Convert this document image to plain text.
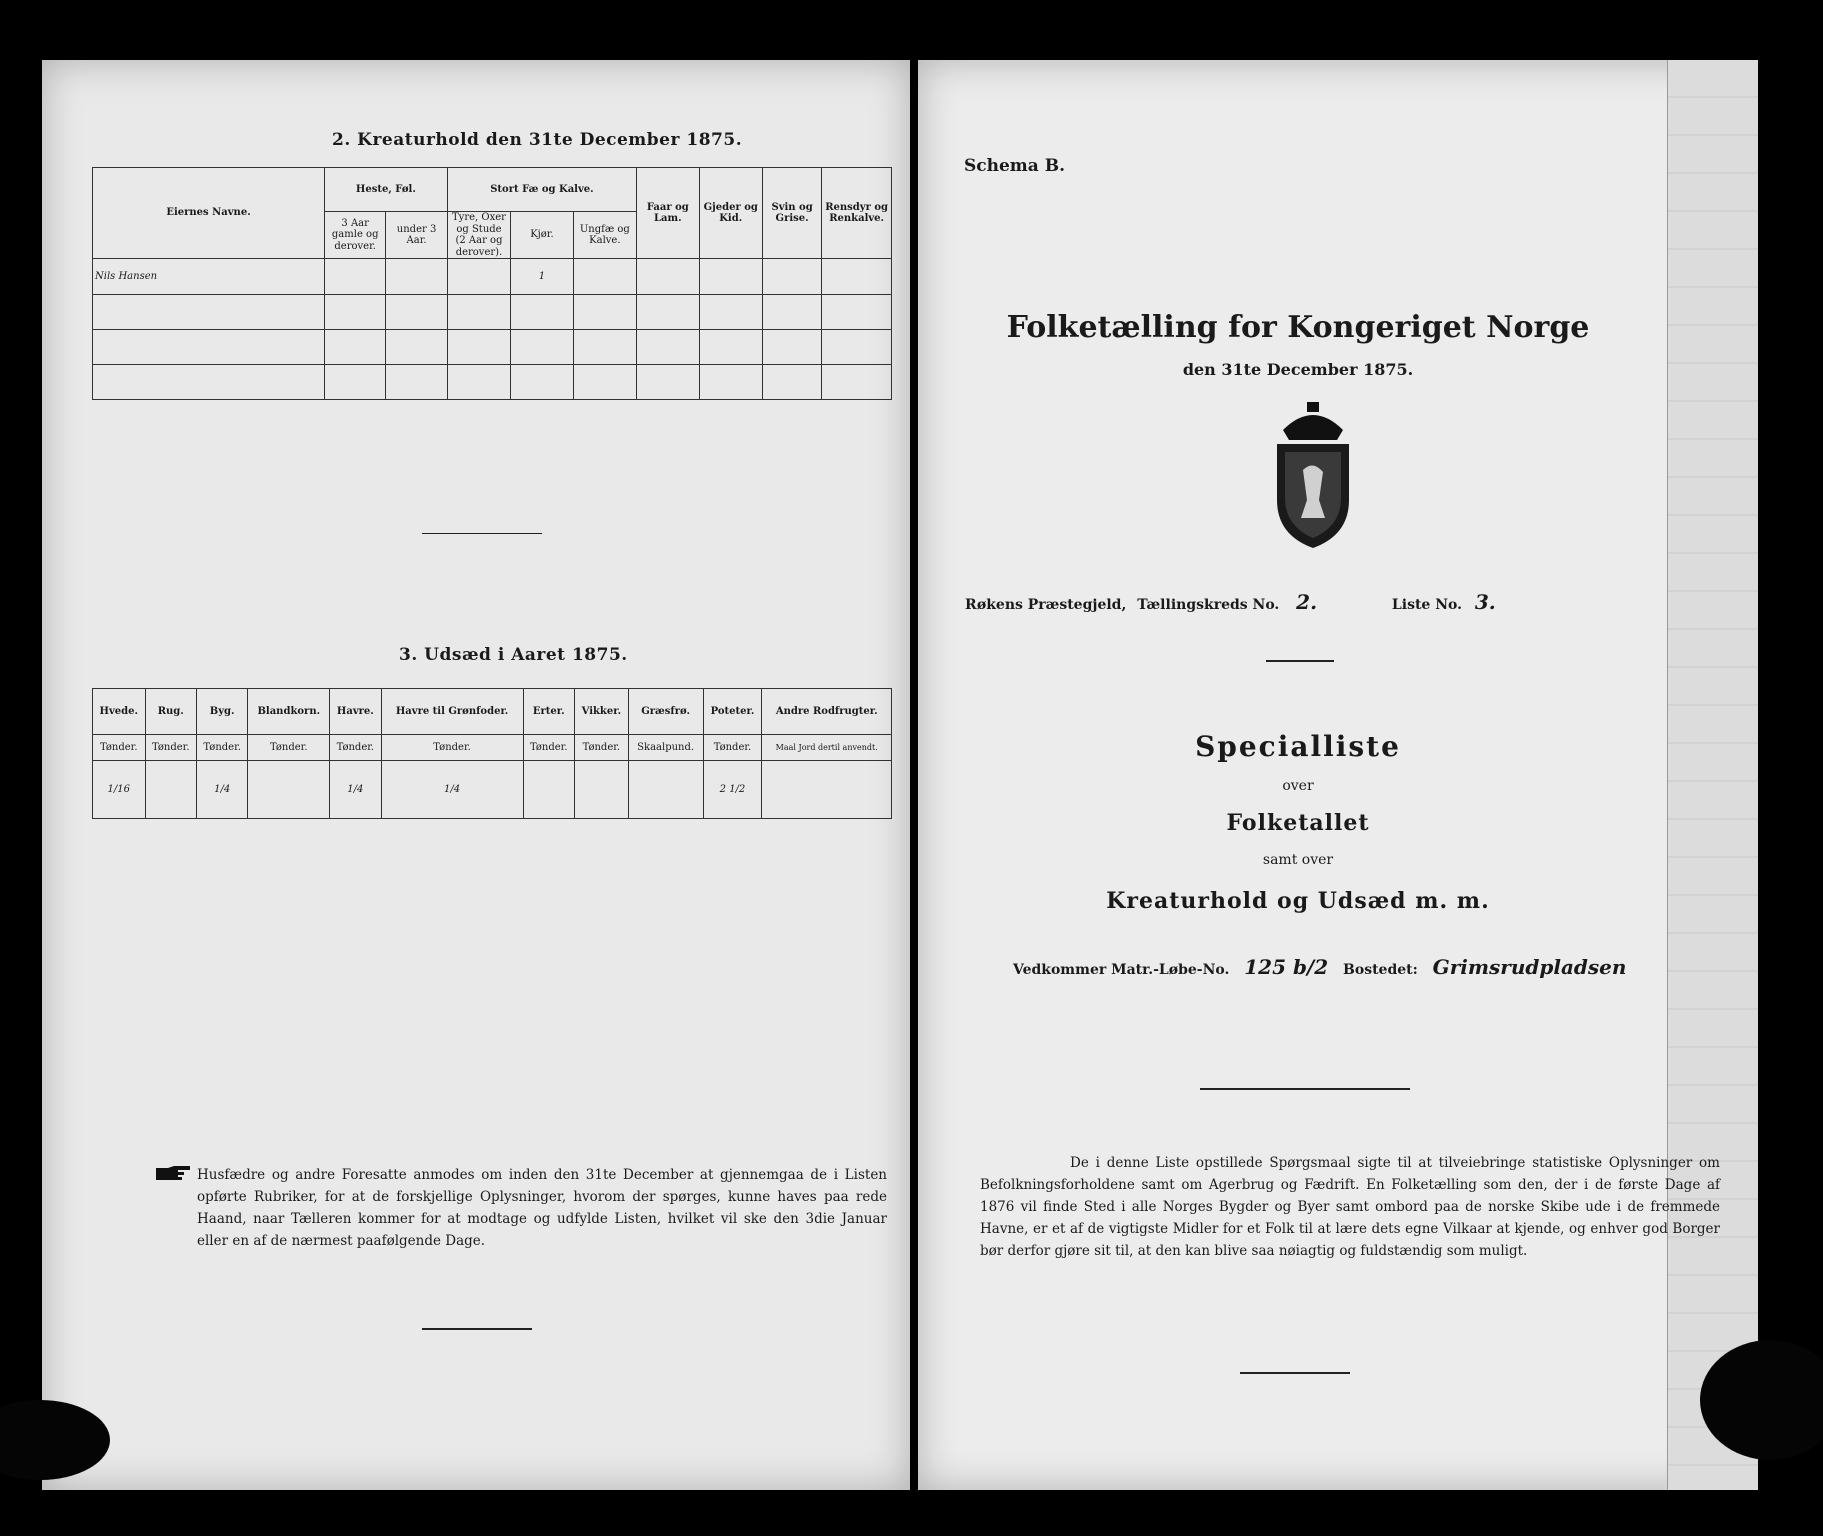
2. Kreaturhold den 31te December 1875.
Eiernes Navne.	Heste, Føl.		Stort Fæ og Kalve.			Faar og Lam.	Gjeder og Kid.	Svin og Grise.	Rensdyr og Renkalve.
	3 Aar gamle og derover.	under 3 Aar.	Tyre, Oxer og Stude (2 Aar og derover).	Kjør.	Ungfæ og Kalve.				
Nils Hansen				1					

3. Udsæd i Aaret 1875.
Hvede.	Rug.	Byg.	Blandkorn.	Havre.	Havre til Grønfoder.	Erter.	Vikker.	Græsfrø.	Poteter.	Andre Rodfrugter.
Tønder.	Tønder.	Tønder.	Tønder.	Tønder.	Tønder.	Tønder.	Tønder.	Skaalpund.	Tønder.	Maal Jord dertil anvendt.
1/16		1/4		1/4	1/4				2 1/2	
Husfædre og andre Foresatte anmodes om inden den 31te December at gjennemgaa de i Listen opførte Rubriker, for at de forskjellige Oplysninger, hvorom der spørges, kunne haves paa rede Haand, naar Tælleren kommer for at modtage og udfylde Listen, hvilket vil ske den 3die Januar eller en af de nærmest paafølgende Dage.
Schema B.
Folketælling for Kongeriget Norge
den 31te December 1875.
Røkens Præstegjeld, Tællingskreds No. 2.	Liste No. 3.
Specialliste
over
Folketallet
samt over
Kreaturhold og Udsæd m. m.
Vedkommer Matr.-Løbe-No. 125 b/2 Bostedet: Grimsrudpladsen
De i denne Liste opstillede Spørgsmaal sigte til at tilveiebringe statistiske Oplysninger om Befolkningsforholdene samt om Agerbrug og Fædrift. En Folketælling som den, der i de første Dage af 1876 vil finde Sted i alle Norges Bygder og Byer samt ombord paa de norske Skibe ude i de fremmede Havne, er et af de vigtigste Midler for et Folk til at lære dets egne Vilkaar at kjende, og enhver god Borger bør derfor gjøre sit til, at den kan blive saa nøiagtig og fuldstændig som muligt.
